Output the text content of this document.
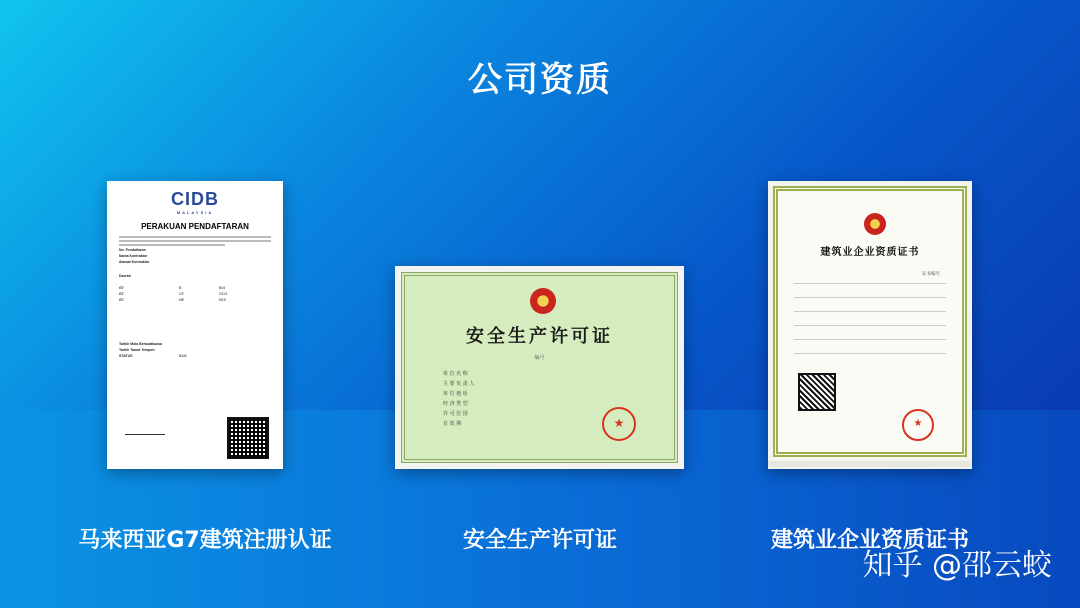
公司资质
CIDB
MALAYSIA
PERAKUAN PENDAFTARAN
No. Pendaftaran
Nama Kontraktor
Alamat Kontraktor
Daerah
G7	B	B04
G7	CE	CE21
G7	ME	M15
Tarikh Mula Berkuatkuasa
Tarikh Tamat Tempoh
STATUS	BAIK
安全生产许可证
编号
单 位 名 称
主 要 负 责 人
单 位 地 址
经 济 类 型
许 可 范 围
有 效 期	★
建筑业企业资质证书
证书编号
★
马来西亚G7建筑注册认证	安全生产许可证	建筑业企业资质证书
知乎 @邵云蛟
